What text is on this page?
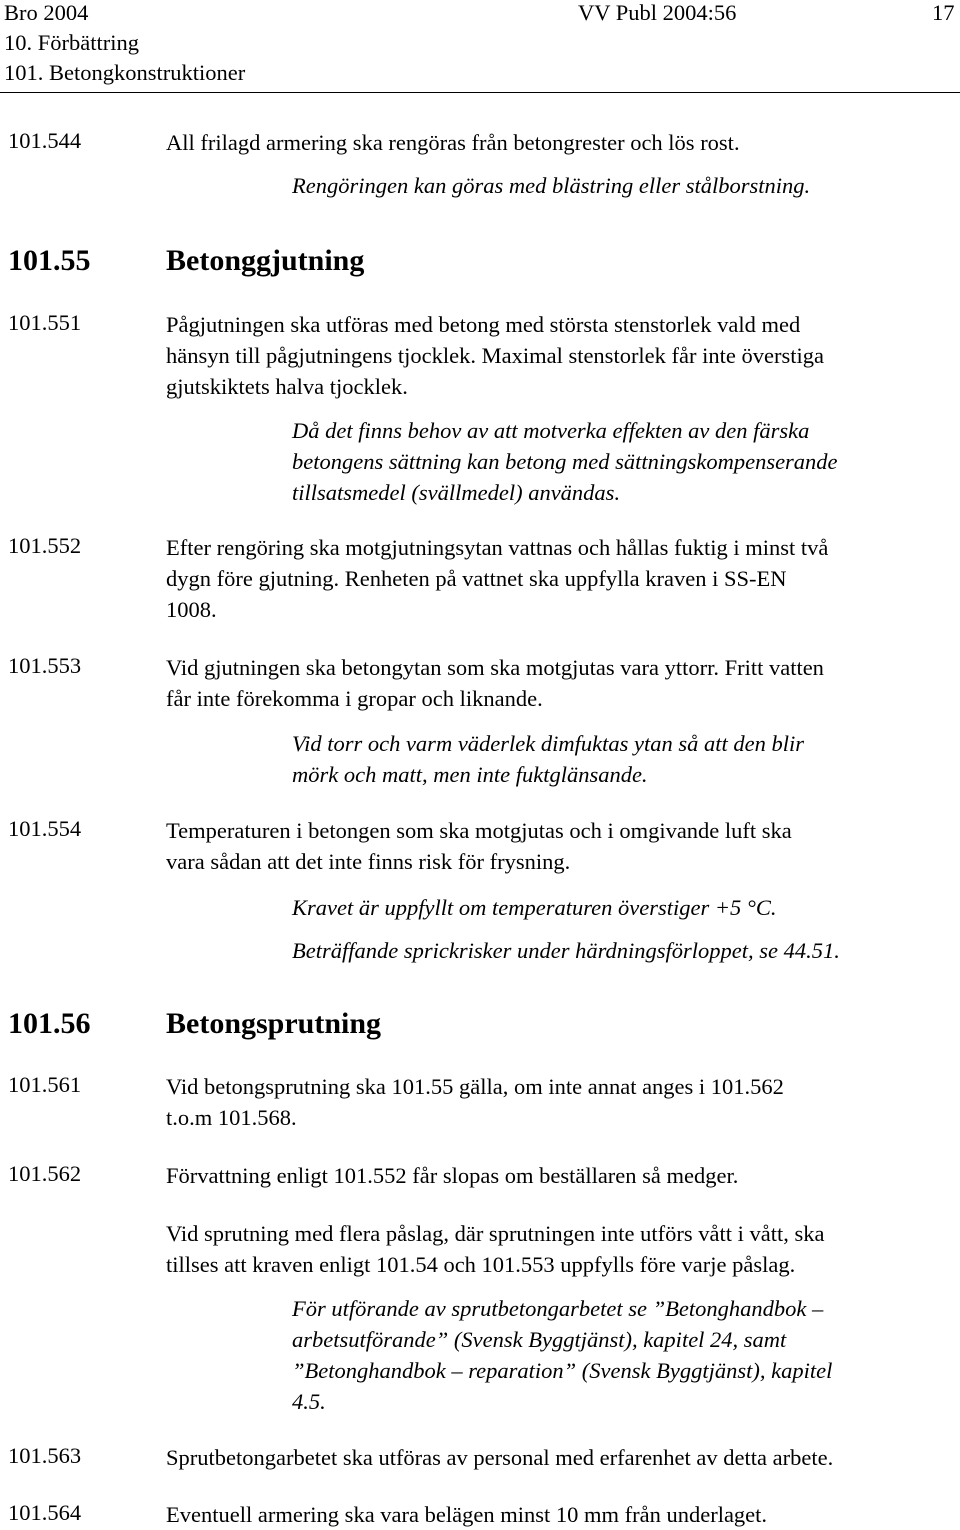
Bro 2004	VV Publ 2004:56	17
10. Förbättring
101. Betongkonstruktioner
101.544	All frilagd armering ska rengöras från betongrester och lös rost.
Rengöringen kan göras med blästring eller stålborstning.
101.55	Betonggjutning
101.551	Pågjutningen ska utföras med betong med största stenstorlek vald med
hänsyn till pågjutningens tjocklek. Maximal stenstorlek får inte överstiga
gjutskiktets halva tjocklek.
Då det finns behov av att motverka effekten av den färska
betongens sättning kan betong med sättningskompenserande
tillsatsmedel (svällmedel) användas.
101.552	Efter rengöring ska motgjutningsytan vattnas och hållas fuktig i minst två
dygn före gjutning. Renheten på vattnet ska uppfylla kraven i SS-EN
1008.
101.553	Vid gjutningen ska betongytan som ska motgjutas vara yttorr. Fritt vatten
får inte förekomma i gropar och liknande.
Vid torr och varm väderlek dimfuktas ytan så att den blir
mörk och matt, men inte fuktglänsande.
101.554	Temperaturen i betongen som ska motgjutas och i omgivande luft ska
vara sådan att det inte finns risk för frysning.
Kravet är uppfyllt om temperaturen överstiger +5 °C.
Beträffande sprickrisker under härdningsförloppet, se 44.51.
101.56	Betongsprutning
101.561	Vid betongsprutning ska 101.55 gälla, om inte annat anges i 101.562
t.o.m 101.568.
101.562	Förvattning enligt 101.552 får slopas om beställaren så medger.
Vid sprutning med flera påslag, där sprutningen inte utförs vått i vått, ska
tillses att kraven enligt 101.54 och 101.553 uppfylls före varje påslag.
För utförande av sprutbetongarbetet se ”Betonghandbok –
arbetsutförande” (Svensk Byggtjänst), kapitel 24, samt
”Betonghandbok – reparation” (Svensk Byggtjänst), kapitel
4.5.
101.563	Sprutbetongarbetet ska utföras av personal med erfarenhet av detta arbete.
101.564	Eventuell armering ska vara belägen minst 10 mm från underlaget.
